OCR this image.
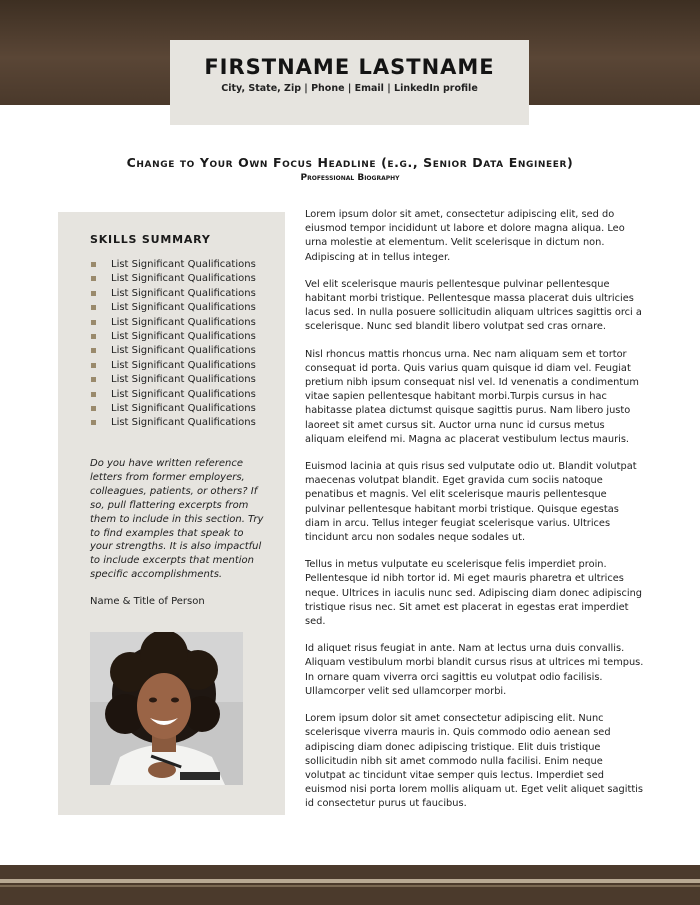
FIRSTNAME LASTNAME
City, State, Zip | Phone | Email | LinkedIn profile
Change to Your Own Focus Headline (e.g., Senior Data Engineer)
Professional Biography
SKILLS SUMMARY
List Significant Qualifications
List Significant Qualifications
List Significant Qualifications
List Significant Qualifications
List Significant Qualifications
List Significant Qualifications
List Significant Qualifications
List Significant Qualifications
List Significant Qualifications
List Significant Qualifications
List Significant Qualifications
List Significant Qualifications
Do you have written reference letters from former employers, colleagues, patients, or others? If so, pull flattering excerpts from them to include in this section. Try to find examples that speak to your strengths. It is also impactful to include excerpts that mention specific accomplishments.
Name & Title of Person

Lorem ipsum dolor sit amet, consectetur adipiscing elit, sed do eiusmod tempor incididunt ut labore et dolore magna aliqua. Leo urna molestie at elementum. Velit scelerisque in dictum non. Adipiscing at in tellus integer.

Vel elit scelerisque mauris pellentesque pulvinar pellentesque habitant morbi tristique. Pellentesque massa placerat duis ultricies lacus sed. In nulla posuere sollicitudin aliquam ultrices sagittis orci a scelerisque. Nunc sed blandit libero volutpat sed cras ornare.

Nisl rhoncus mattis rhoncus urna. Nec nam aliquam sem et tortor consequat id porta. Quis varius quam quisque id diam vel. Feugiat pretium nibh ipsum consequat nisl vel. Id venenatis a condimentum vitae sapien pellentesque habitant morbi.Turpis cursus in hac habitasse platea dictumst quisque sagittis purus. Nam libero justo laoreet sit amet cursus sit. Auctor urna nunc id cursus metus aliquam eleifend mi. Magna ac placerat vestibulum lectus mauris.

Euismod lacinia at quis risus sed vulputate odio ut. Blandit volutpat maecenas volutpat blandit. Eget gravida cum sociis natoque penatibus et magnis. Vel elit scelerisque mauris pellentesque pulvinar pellentesque habitant morbi tristique. Quisque egestas diam in arcu. Tellus integer feugiat scelerisque varius. Ultrices tincidunt arcu non sodales neque sodales ut.

Tellus in metus vulputate eu scelerisque felis imperdiet proin. Pellentesque id nibh tortor id. Mi eget mauris pharetra et ultrices neque. Ultrices in iaculis nunc sed. Adipiscing diam donec adipiscing tristique risus nec. Sit amet est placerat in egestas erat imperdiet sed.

Id aliquet risus feugiat in ante. Nam at lectus urna duis convallis. Aliquam vestibulum morbi blandit cursus risus at ultrices mi tempus. In ornare quam viverra orci sagittis eu volutpat odio facilisis. Ullamcorper velit sed ullamcorper morbi.

Lorem ipsum dolor sit amet consectetur adipiscing elit. Nunc scelerisque viverra mauris in. Quis commodo odio aenean sed adipiscing diam donec adipiscing tristique. Elit duis tristique sollicitudin nibh sit amet commodo nulla facilisi. Enim neque volutpat ac tincidunt vitae semper quis lectus. Imperdiet sed euismod nisi porta lorem mollis aliquam ut. Eget velit aliquet sagittis id consectetur purus ut faucibus.
